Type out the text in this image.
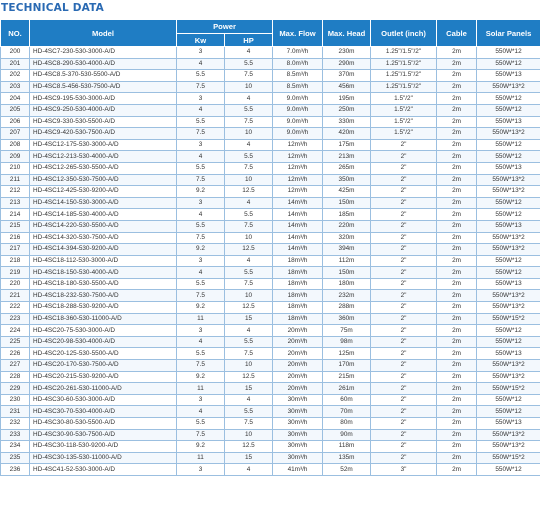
TECHNICAL DATA
NO.	Model	Power		Max. Flow	Max. Head	Outlet (inch)	Cable	Solar Panels
		Kw	HP					
200	HD-4SC7-230-530-3000-A/D	3	4	7.0m³/h	230m	1.25"/1.5"/2"	2m	550W*12
201	HD-4SC8-290-530-4000-A/D	4	5.5	8.0m³/h	290m	1.25"/1.5"/2"	2m	550W*12
202	HD-4SC8.5-370-530-5500-A/D	5.5	7.5	8.5m³/h	370m	1.25"/1.5"/2"	2m	550W*13
203	HD-4SC8.5-456-530-7500-A/D	7.5	10	8.5m³/h	456m	1.25"/1.5"/2"	2m	550W*13*2
204	HD-4SC9-195-530-3000-A/D	3	4	9.0m³/h	195m	1.5"/2"	2m	550W*12
205	HD-4SC9-250-530-4000-A/D	4	5.5	9.0m³/h	250m	1.5"/2"	2m	550W*12
206	HD-4SC9-330-530-5500-A/D	5.5	7.5	9.0m³/h	330m	1.5"/2"	2m	550W*13
207	HD-4SC9-420-530-7500-A/D	7.5	10	9.0m³/h	420m	1.5"/2"	2m	550W*13*2
208	HD-4SC12-175-530-3000-A/D	3	4	12m³/h	175m	2"	2m	550W*12
209	HD-4SC12-213-530-4000-A/D	4	5.5	12m³/h	213m	2"	2m	550W*12
210	HD-4SC12-265-530-5500-A/D	5.5	7.5	12m³/h	265m	2"	2m	550W*13
211	HD-4SC12-350-530-7500-A/D	7.5	10	12m³/h	350m	2"	2m	550W*13*2
212	HD-4SC12-425-530-9200-A/D	9.2	12.5	12m³/h	425m	2"	2m	550W*13*2
213	HD-4SC14-150-530-3000-A/D	3	4	14m³/h	150m	2"	2m	550W*12
214	HD-4SC14-185-530-4000-A/D	4	5.5	14m³/h	185m	2"	2m	550W*12
215	HD-4SC14-220-530-5500-A/D	5.5	7.5	14m³/h	220m	2"	2m	550W*13
216	HD-4SC14-320-530-7500-A/D	7.5	10	14m³/h	320m	2"	2m	550W*13*2
217	HD-4SC14-394-530-9200-A/D	9.2	12.5	14m³/h	394m	2"	2m	550W*13*2
218	HD-4SC18-112-530-3000-A/D	3	4	18m³/h	112m	2"	2m	550W*12
219	HD-4SC18-150-530-4000-A/D	4	5.5	18m³/h	150m	2"	2m	550W*12
220	HD-4SC18-180-530-5500-A/D	5.5	7.5	18m³/h	180m	2"	2m	550W*13
221	HD-4SC18-232-530-7500-A/D	7.5	10	18m³/h	232m	2"	2m	550W*13*2
222	HD-4SC18-288-530-9200-A/D	9.2	12.5	18m³/h	288m	2"	2m	550W*13*2
223	HD-4SC18-360-530-11000-A/D	11	15	18m³/h	360m	2"	2m	550W*15*2
224	HD-4SC20-75-530-3000-A/D	3	4	20m³/h	75m	2"	2m	550W*12
225	HD-4SC20-98-530-4000-A/D	4	5.5	20m³/h	98m	2"	2m	550W*12
226	HD-4SC20-125-530-5500-A/D	5.5	7.5	20m³/h	125m	2"	2m	550W*13
227	HD-4SC20-170-530-7500-A/D	7.5	10	20m³/h	170m	2"	2m	550W*13*2
228	HD-4SC20-215-530-9200-A/D	9.2	12.5	20m³/h	215m	2"	2m	550W*13*2
229	HD-4SC20-261-530-11000-A/D	11	15	20m³/h	261m	2"	2m	550W*15*2
230	HD-4SC30-60-530-3000-A/D	3	4	30m³/h	60m	2"	2m	550W*12
231	HD-4SC30-70-530-4000-A/D	4	5.5	30m³/h	70m	2"	2m	550W*12
232	HD-4SC30-80-530-5500-A/D	5.5	7.5	30m³/h	80m	2"	2m	550W*13
233	HD-4SC30-90-530-7500-A/D	7.5	10	30m³/h	90m	2"	2m	550W*13*2
234	HD-4SC30-118-530-9200-A/D	9.2	12.5	30m³/h	118m	2"	2m	550W*13*2
235	HD-4SC30-135-530-11000-A/D	11	15	30m³/h	135m	2"	2m	550W*15*2
236	HD-4SC41-52-530-3000-A/D	3	4	41m³/h	52m	3"	2m	550W*12
